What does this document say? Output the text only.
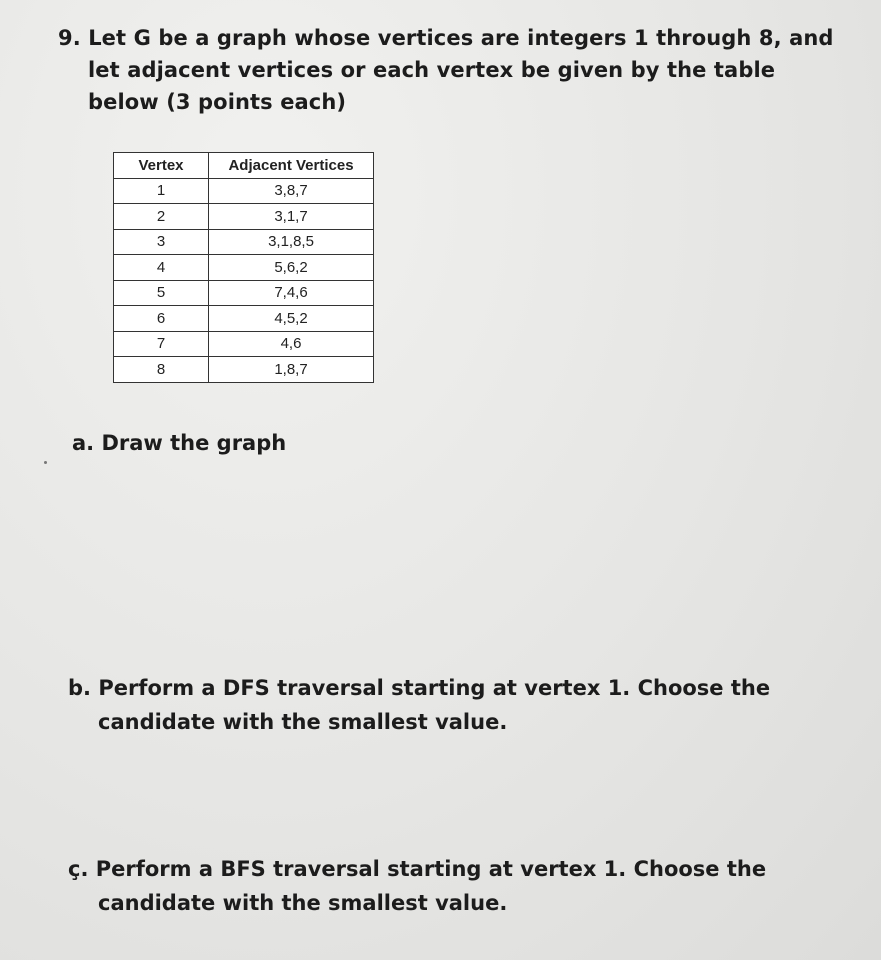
9. Let G be a graph whose vertices are integers 1 through 8, and
let adjacent vertices or each vertex be given by the table
below (3 points each)
Vertex	Adjacent Vertices
1	3,8,7
2	3,1,7
3	3,1,8,5
4	5,6,2
5	7,4,6
6	4,5,2
7	4,6
8	1,8,7
a. Draw the graph
b. Perform a DFS traversal starting at vertex 1. Choose the
candidate with the smallest value.
ç. Perform a BFS traversal starting at vertex 1. Choose the
candidate with the smallest value.
